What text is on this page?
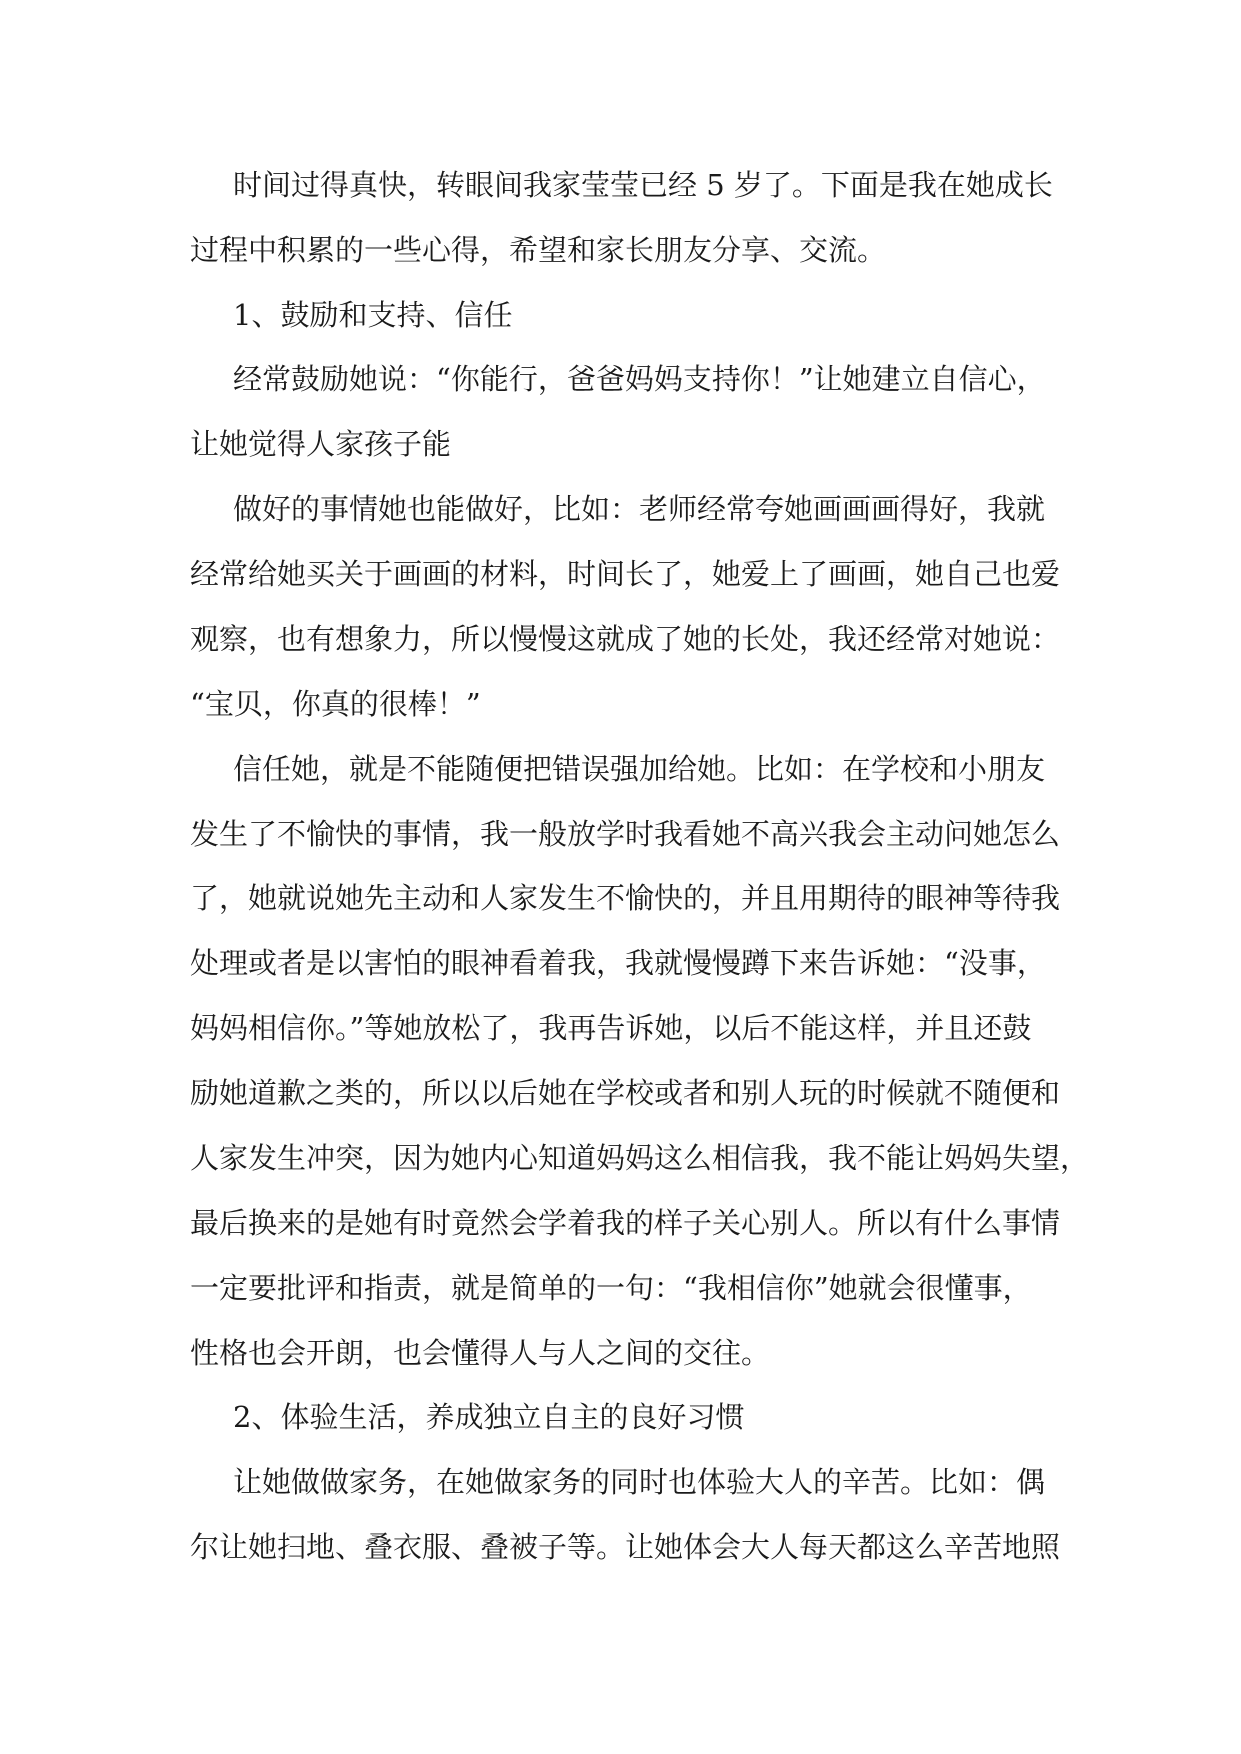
时间过得真快，转眼间我家莹莹已经 5 岁了。下面是我在她成长
过程中积累的一些心得，希望和家长朋友分享、交流。
1、鼓励和支持、信任
经常鼓励她说：“你能行，爸爸妈妈支持你！”让她建立自信心，
让她觉得人家孩子能
做好的事情她也能做好，比如：老师经常夸她画画画得好，我就
经常给她买关于画画的材料，时间长了，她爱上了画画，她自己也爱
观察，也有想象力，所以慢慢这就成了她的长处，我还经常对她说：
“宝贝，你真的很棒！”
信任她，就是不能随便把错误强加给她。比如：在学校和小朋友
发生了不愉快的事情，我一般放学时我看她不高兴我会主动问她怎么
了，她就说她先主动和人家发生不愉快的，并且用期待的眼神等待我
处理或者是以害怕的眼神看着我，我就慢慢蹲下来告诉她：“没事，
妈妈相信你。”等她放松了，我再告诉她，以后不能这样，并且还鼓
励她道歉之类的，所以以后她在学校或者和别人玩的时候就不随便和
人家发生冲突，因为她内心知道妈妈这么相信我，我不能让妈妈失望，
最后换来的是她有时竟然会学着我的样子关心别人。所以有什么事情
一定要批评和指责，就是简单的一句：“我相信你”她就会很懂事，
性格也会开朗，也会懂得人与人之间的交往。
2、体验生活，养成独立自主的良好习惯
让她做做家务，在她做家务的同时也体验大人的辛苦。比如：偶
尔让她扫地、叠衣服、叠被子等。让她体会大人每天都这么辛苦地照
